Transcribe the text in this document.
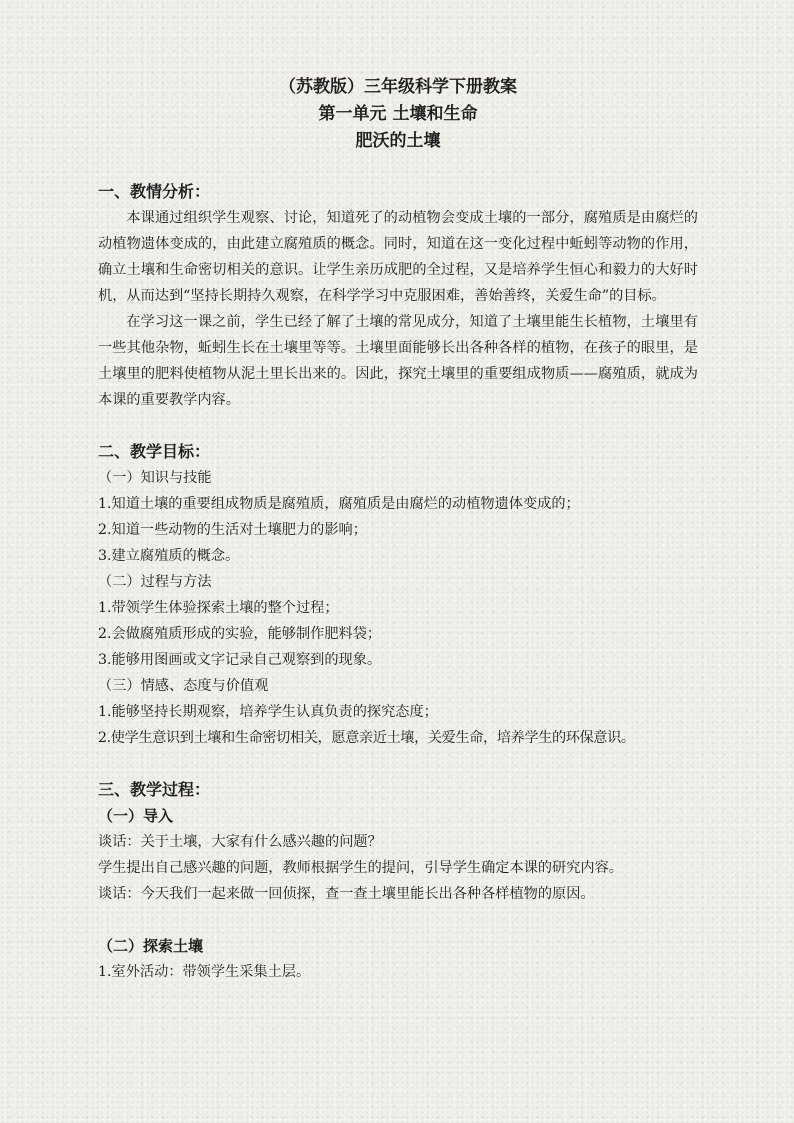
（苏教版）三年级科学下册教案

第一单元 土壤和生命

肥沃的土壤

一、教情分析：

本课通过组织学生观察、讨论，知道死了的动植物会变成土壤的一部分，腐殖质是由腐烂的动植物遗体变成的，由此建立腐殖质的概念。同时，知道在这一变化过程中蚯蚓等动物的作用，确立土壤和生命密切相关的意识。让学生亲历成肥的全过程，又是培养学生恒心和毅力的大好时机，从而达到“坚持长期持久观察，在科学学习中克服困难，善始善终，关爱生命”的目标。

在学习这一课之前，学生已经了解了土壤的常见成分，知道了土壤里能生长植物，土壤里有一些其他杂物，蚯蚓生长在土壤里等等。土壤里面能够长出各种各样的植物，在孩子的眼里，是土壤里的肥料使植物从泥土里长出来的。因此，探究土壤里的重要组成物质——腐殖质，就成为本课的重要教学内容。

二、教学目标：

（一）知识与技能

1.知道土壤的重要组成物质是腐殖质，腐殖质是由腐烂的动植物遗体变成的；

2.知道一些动物的生活对土壤肥力的影响；

3.建立腐殖质的概念。

（二）过程与方法

1.带领学生体验探索土壤的整个过程；

2.会做腐殖质形成的实验，能够制作肥料袋；

3.能够用图画或文字记录自己观察到的现象。

（三）情感、态度与价值观

1.能够坚持长期观察，培养学生认真负责的探究态度；

2.使学生意识到土壤和生命密切相关，愿意亲近土壤，关爱生命，培养学生的环保意识。

三、教学过程：

（一）导入

谈话：关于土壤，大家有什么感兴趣的问题？

学生提出自己感兴趣的问题，教师根据学生的提问，引导学生确定本课的研究内容。

谈话：今天我们一起来做一回侦探，查一查土壤里能长出各种各样植物的原因。

（二）探索土壤

1.室外活动：带领学生采集土层。
